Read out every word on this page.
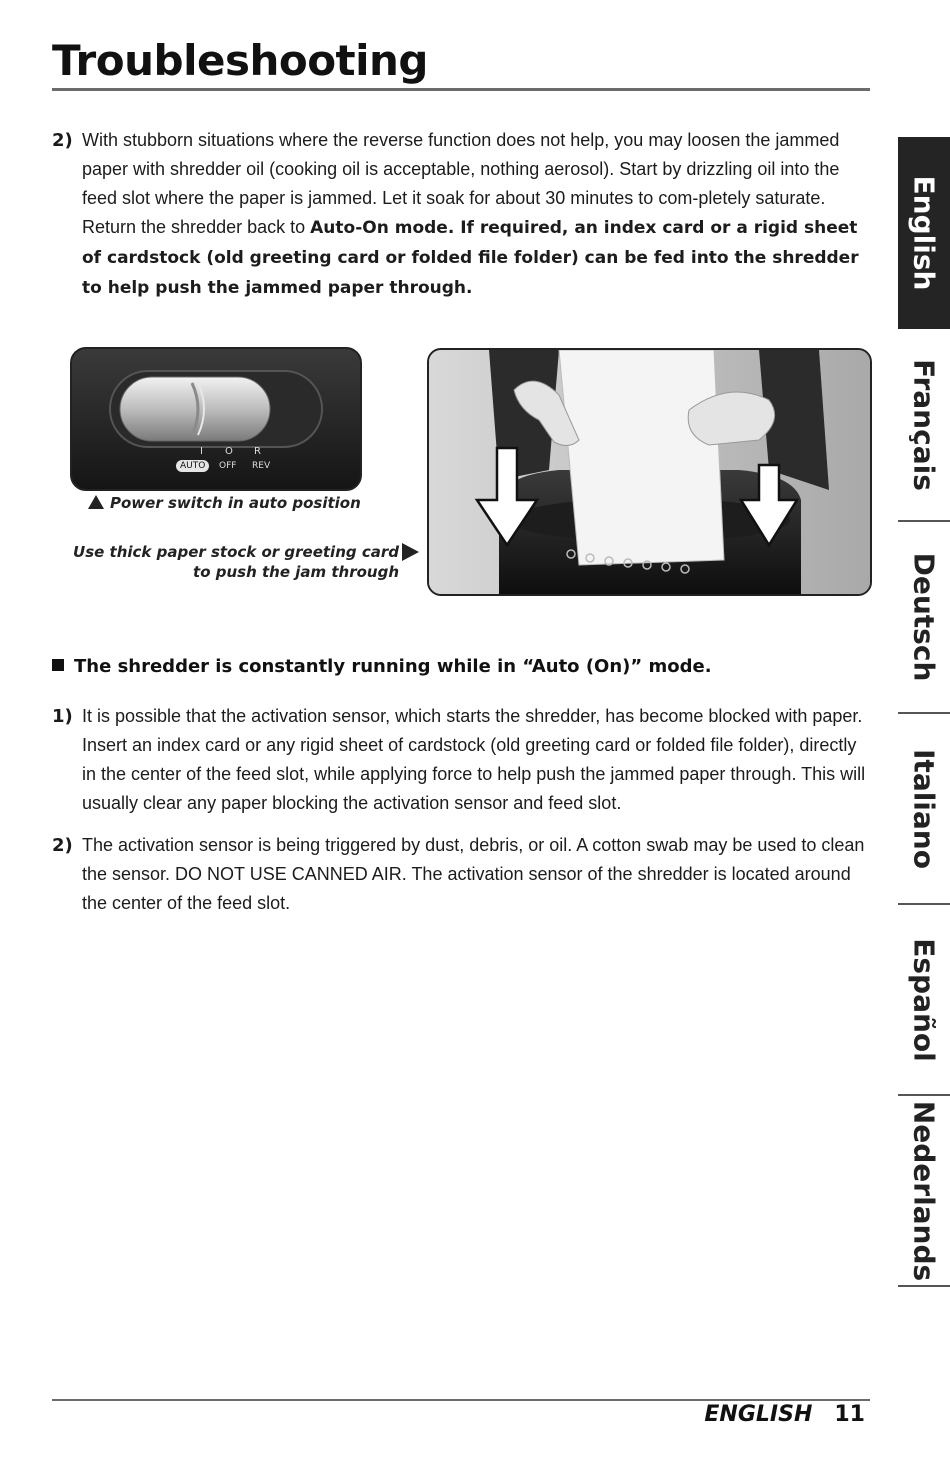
Troubleshooting
2) With stubborn situations where the reverse function does not help, you may loosen the jammed paper with shredder oil (cooking oil is acceptable, nothing aerosol). Start by drizzling oil into the feed slot where the paper is jammed. Let it soak for about 30 minutes to com-pletely saturate. Return the shredder back to Auto-On mode. If required, an index card or a rigid sheet of cardstock (old greeting card or folded file folder) can be fed into the shredder to help push the jammed paper through.
I O R
AUTO	OFF REV
Power switch in auto position
Use thick paper stock or greeting card
to push the jam through
The shredder is constantly running while in “Auto (On)” mode.
1) It is possible that the activation sensor, which starts the shredder, has become blocked with paper. Insert an index card or any rigid sheet of cardstock (old greeting card or folded file folder), directly in the center of the feed slot, while applying force to help push the jammed paper through. This will usually clear any paper blocking the activation sensor and feed slot.
2) The activation sensor is being triggered by dust, debris, or oil. A cotton swab may be used to clean the sensor. DO NOT USE CANNED AIR. The activation sensor of the shredder is located around the center of the feed slot.
English
Français
Deutsch
Italiano
Español
Nederlands
ENGLISH 11
